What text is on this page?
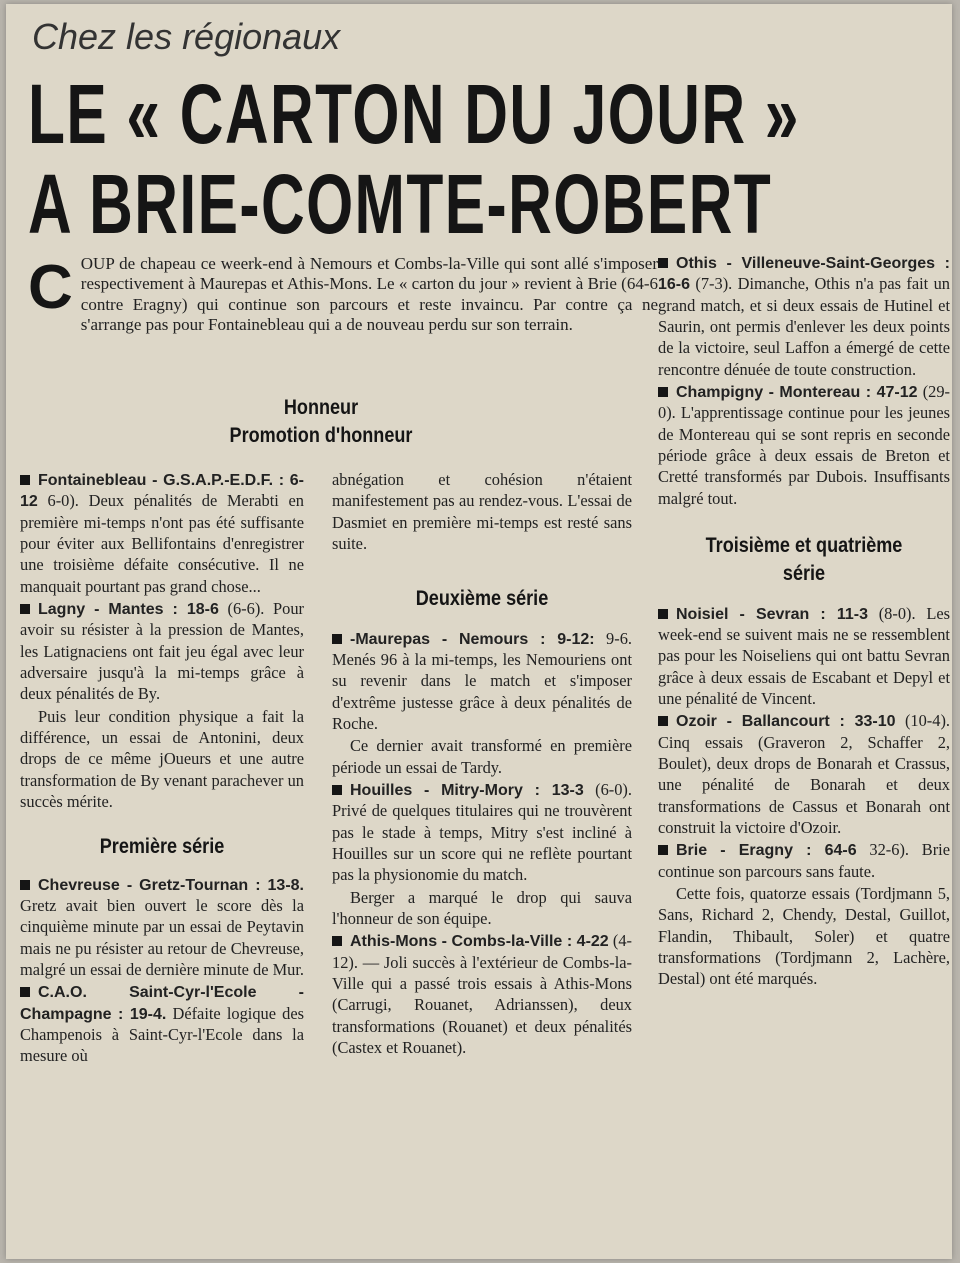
Chez les régionaux
LE « CARTON DU JOUR »
A BRIE-COMTE-ROBERT
C OUP de chapeau ce weerk-end à Nemours et Combs-la-Ville qui sont allé s'imposer respectivement à Maurepas et Athis-Mons. Le « carton du jour » revient à Brie (64-6 contre Eragny) qui continue son parcours et reste invaincu. Par contre ça ne s'arrange pas pour Fontainebleau qui a de nouveau perdu sur son terrain.
Honneur
Promotion d'honneur

Fontainebleau - G.S.A.P.-E.D.F. : 6-12 6-0). Deux pénalités de Merabti en première mi-temps n'ont pas été suffisante pour éviter aux Bellifontains d'enregistrer une troisième défaite consécutive. Il ne manquait pourtant pas grand chose...

Lagny - Mantes : 18-6 (6-6). Pour avoir su résister à la pression de Mantes, les Latignaciens ont fait jeu égal avec leur adversaire jusqu'à la mi-temps grâce à deux pénalités de By.

Puis leur condition physique a fait la différence, un essai de Antonini, deux drops de ce même jOueurs et une autre transformation de By venant parachever un succès mérite.

Première série

Chevreuse - Gretz-Tournan : 13-8. Gretz avait bien ouvert le score dès la cinquième minute par un essai de Peytavin mais ne pu résister au retour de Chevreuse, malgré un essai de dernière minute de Mur.

C.A.O. Saint-Cyr-l'Ecole - Champagne : 19-4. Défaite logique des Champenois à Saint-Cyr-l'Ecole dans la mesure où

abnégation et cohésion n'étaient manifestement pas au rendez-vous. L'essai de Dasmiet en première mi-temps est resté sans suite.

Deuxième série

-Maurepas - Nemours : 9-12: 9-6. Menés 96 à la mi-temps, les Nemouriens ont su revenir dans le match et s'imposer d'extrême justesse grâce à deux pénalités de Roche.

Ce dernier avait transformé en première période un essai de Tardy.

Houilles - Mitry-Mory : 13-3 (6-0). Privé de quelques titulaires qui ne trouvèrent pas le stade à temps, Mitry s'est incliné à Houilles sur un score qui ne reflète pourtant pas la physionomie du match.

Berger a marqué le drop qui sauva l'honneur de son équipe.

Athis-Mons - Combs-la-Ville : 4-22 (4-12). — Joli succès à l'extérieur de Combs-la-Ville qui a passé trois essais à Athis-Mons (Carrugi, Rouanet, Adrianssen), deux transformations (Rouanet) et deux pénalités (Castex et Rouanet).

Othis - Villeneuve-Saint-Georges : 16-6 (7-3). Dimanche, Othis n'a pas fait un grand match, et si deux essais de Hutinel et Saurin, ont permis d'enlever les deux points de la victoire, seul Laffon a émergé de cette rencontre dénuée de toute construction.

Champigny - Montereau : 47-12 (29-0). L'apprentissage continue pour les jeunes de Montereau qui se sont repris en seconde période grâce à deux essais de Breton et Cretté transformés par Dubois. Insuffisants malgré tout.

Troisième et quatrième série

Noisiel - Sevran : 11-3 (8-0). Les week-end se suivent mais ne se ressemblent pas pour les Noiseliens qui ont battu Sevran grâce à deux essais de Escabant et Depyl et une pénalité de Vincent.

Ozoir - Ballancourt : 33-10 (10-4). Cinq essais (Graveron 2, Schaffer 2, Boulet), deux drops de Bonarah et Crassus, une pénalité de Bonarah et deux transformations de Cassus et Bonarah ont construit la victoire d'Ozoir.

Brie - Eragny : 64-6 32-6). Brie continue son parcours sans faute.

Cette fois, quatorze essais (Tordjmann 5, Sans, Richard 2, Chendy, Destal, Guillot, Flandin, Thibault, Soler) et quatre transformations (Tordjmann 2, Lachère, Destal) ont été marqués.
